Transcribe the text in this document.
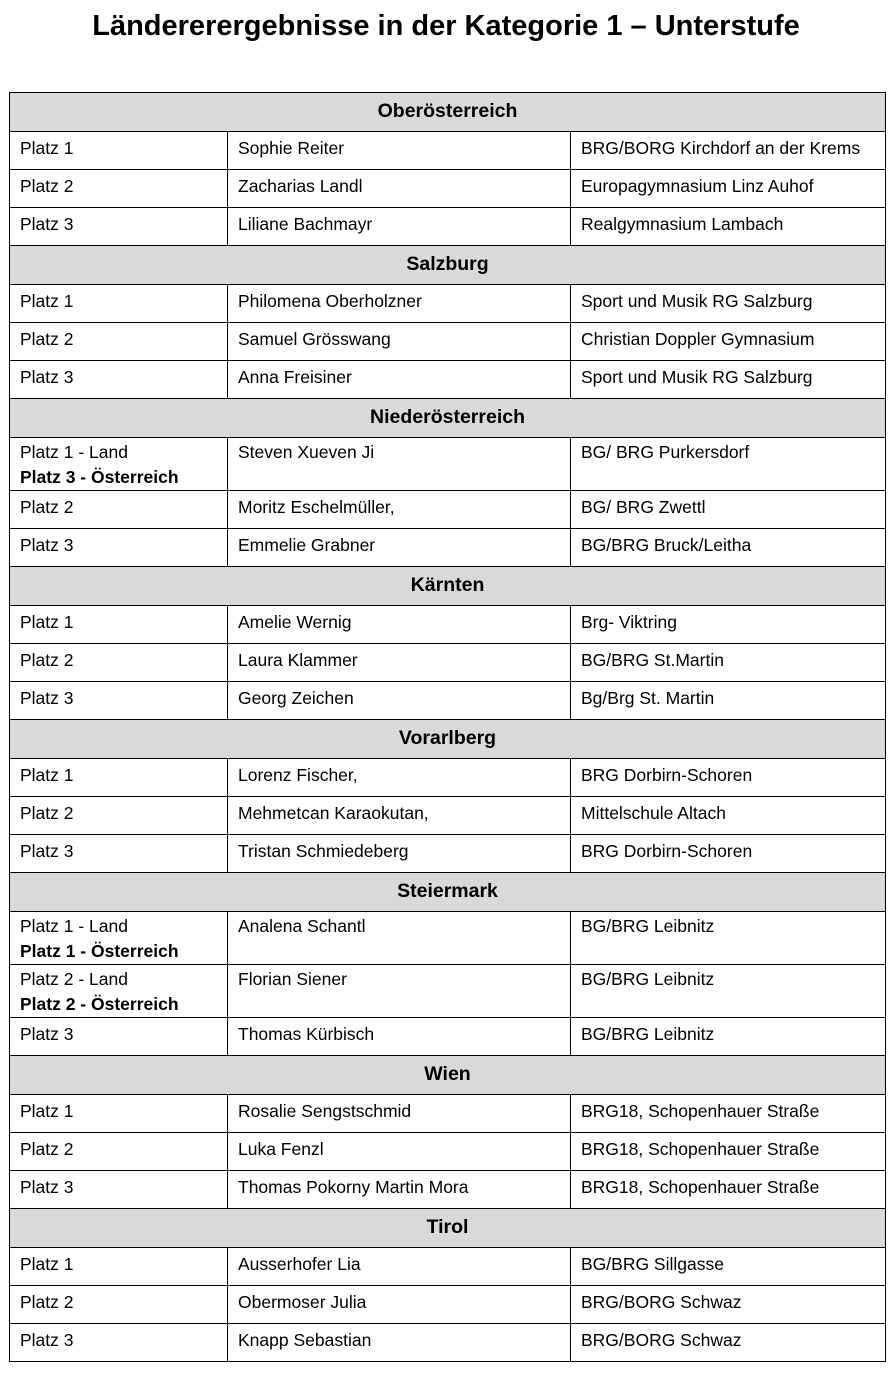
Ländererergebnisse in der Kategorie 1 – Unterstufe
Oberösterreich		
Platz 1	Sophie Reiter	BRG/BORG Kirchdorf an der Krems
Platz 2	Zacharias Landl	Europagymnasium Linz Auhof
Platz 3	Liliane Bachmayr	Realgymnasium Lambach
Salzburg		
Platz 1	Philomena Oberholzner	Sport und Musik RG Salzburg
Platz 2	Samuel Grösswang	Christian Doppler Gymnasium
Platz 3	Anna Freisiner	Sport und Musik RG Salzburg
Niederösterreich		
Platz 1 - Land
Platz 3 - Österreich	Steven Xueven Ji	BG/ BRG Purkersdorf
Platz 2	Moritz Eschelmüller,	BG/ BRG Zwettl
Platz 3	Emmelie Grabner	BG/BRG Bruck/Leitha
Kärnten		
Platz 1	Amelie Wernig	Brg- Viktring
Platz 2	Laura Klammer	BG/BRG St.Martin
Platz 3	Georg Zeichen	Bg/Brg St. Martin
Vorarlberg		
Platz 1	Lorenz Fischer,	BRG Dorbirn-Schoren
Platz 2	Mehmetcan Karaokutan,	Mittelschule Altach
Platz 3	Tristan Schmiedeberg	BRG Dorbirn-Schoren
Steiermark		
Platz 1 - Land
Platz 1 - Österreich	Analena Schantl	BG/BRG Leibnitz
Platz 2 - Land
Platz 2 - Österreich	Florian Siener	BG/BRG Leibnitz
Platz 3	Thomas Kürbisch	BG/BRG Leibnitz
Wien		
Platz 1	Rosalie Sengstschmid	BRG18, Schopenhauer Straße
Platz 2	Luka Fenzl	BRG18, Schopenhauer Straße
Platz 3	Thomas Pokorny Martin Mora	BRG18, Schopenhauer Straße
Tirol		
Platz 1	Ausserhofer Lia	BG/BRG Sillgasse
Platz 2	Obermoser Julia	BRG/BORG Schwaz
Platz 3	Knapp Sebastian	BRG/BORG Schwaz
